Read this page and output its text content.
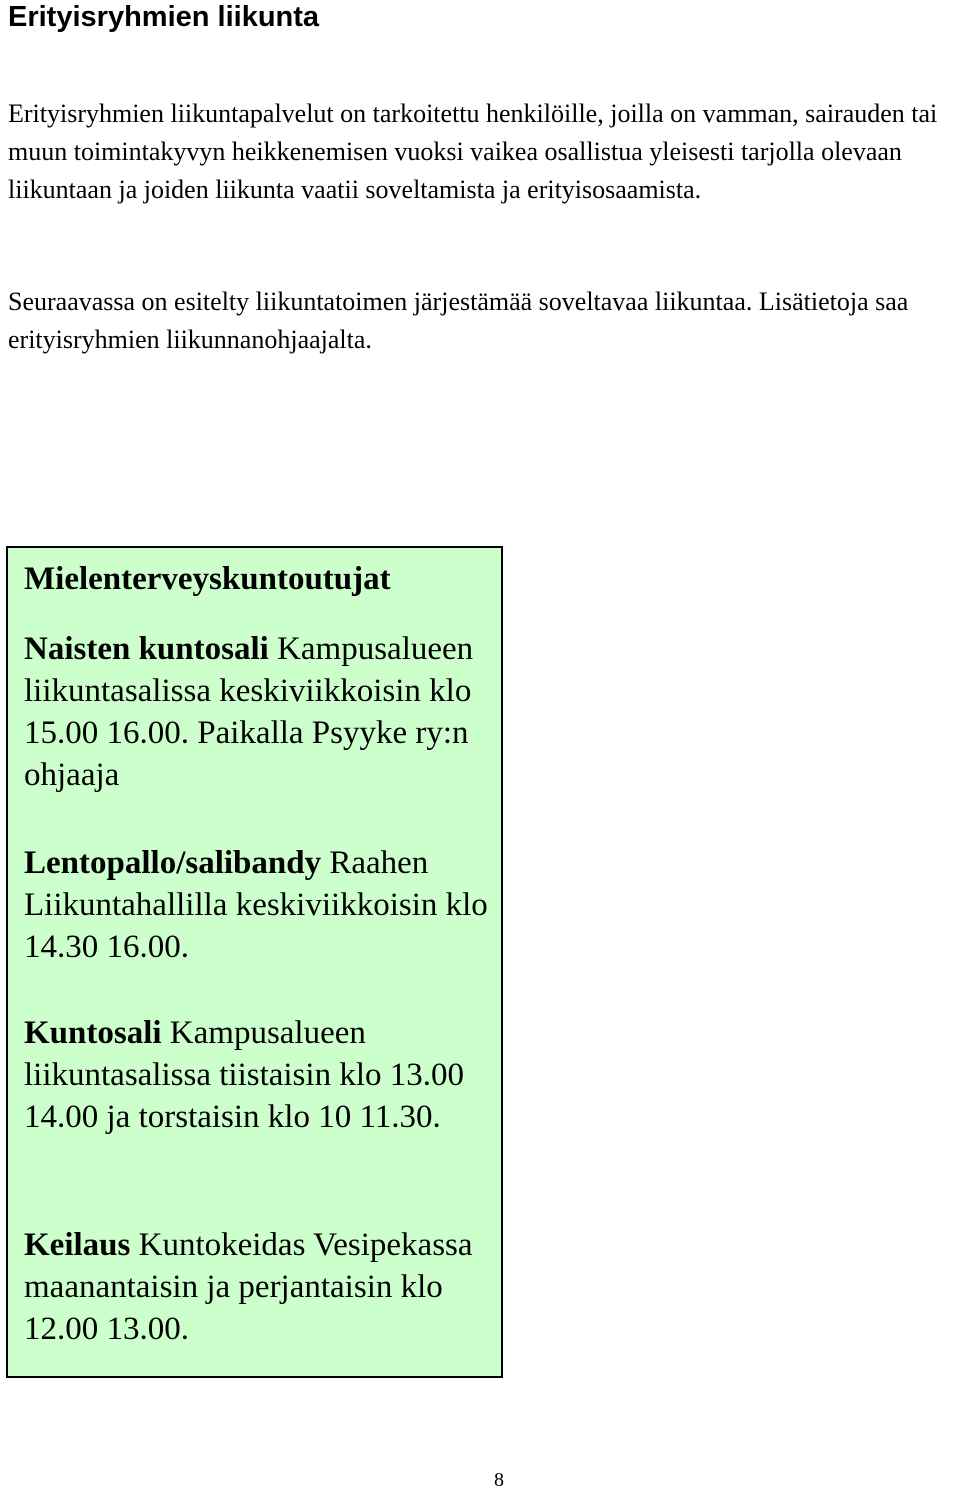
Erityisryhmien liikunta

Erityisryhmien liikuntapalvelut on tarkoitettu henkilöille, joilla on vamman, sairauden tai muun toimintakyvyn heikkenemisen vuoksi vaikea osallistua yleisesti tarjolla olevaan liikuntaan ja joiden liikunta vaatii soveltamista ja erityisosaamista.

Seuraavassa on esitelty liikuntatoimen järjestämää soveltavaa liikuntaa. Lisätietoja saa erityisryhmien liikunnanohjaajalta.

Mielenterveyskuntoutujat

Naisten kuntosali Kampusalueen liikuntasalissa keskiviikkoisin klo 15.00 16.00. Paikalla Psyyke ry:n ohjaaja

Lentopallo/salibandy Raahen Liikuntahallilla keskiviikkoisin klo 14.30 16.00.

Kuntosali Kampusalueen liikuntasalissa tiistaisin klo 13.00 14.00 ja torstaisin klo 10 11.30.

Keilaus Kuntokeidas Vesipekassa maanantaisin ja perjantaisin klo 12.00 13.00.

8
